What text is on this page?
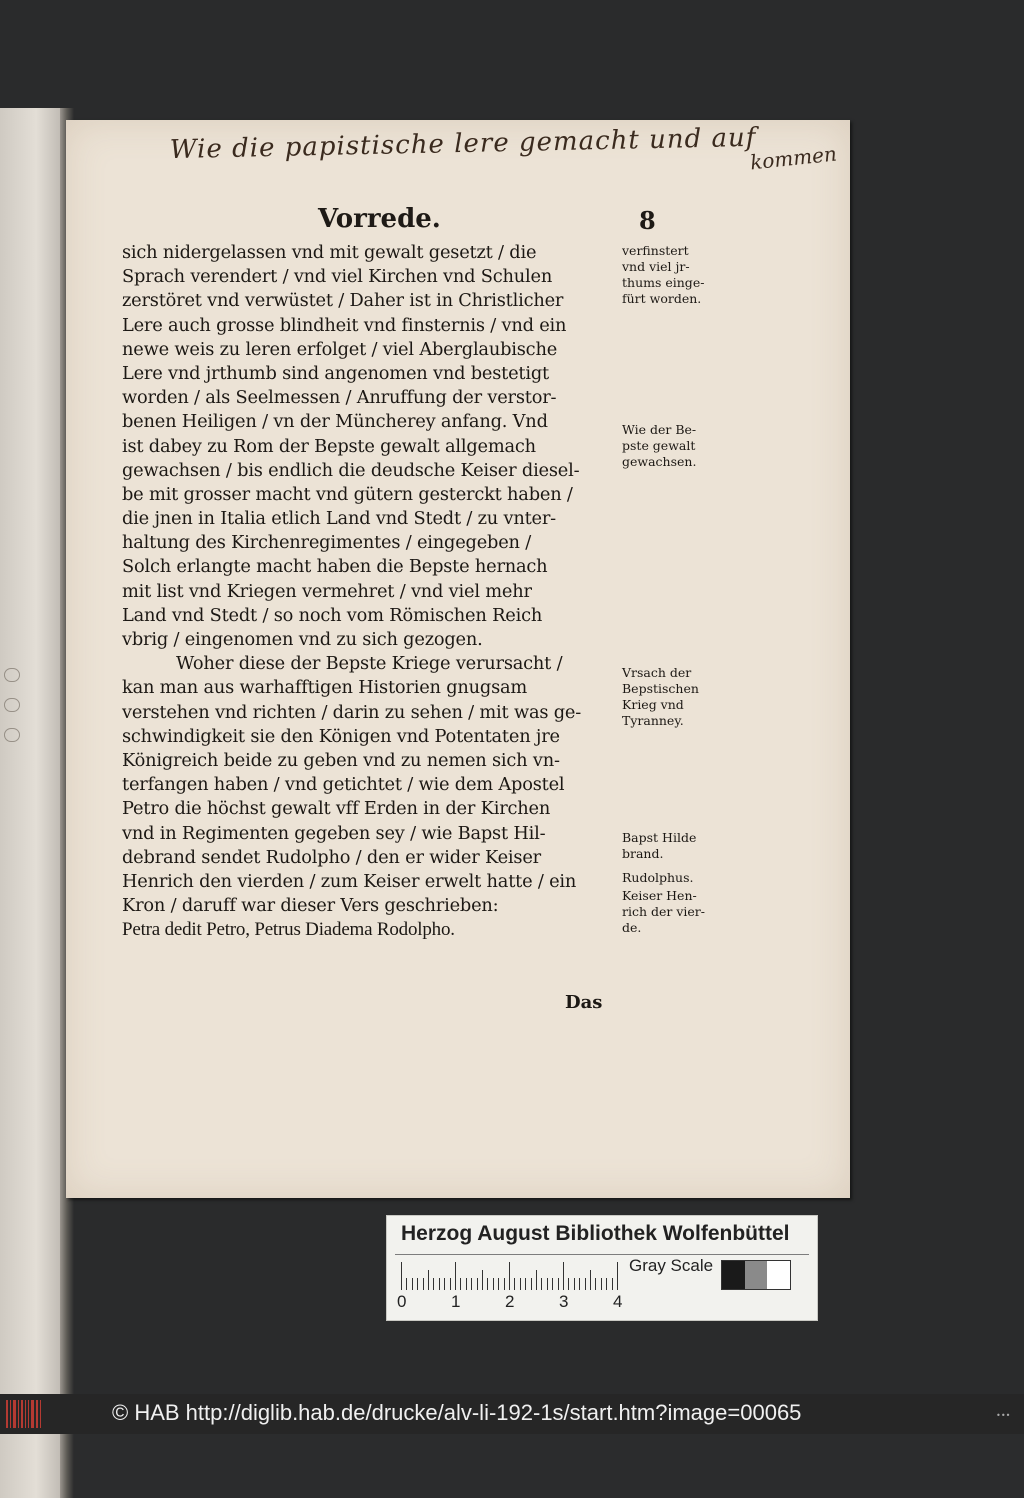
Wie die papistische lere gemacht und auf
kommen
Vorrede.	8
sich nidergelassen vnd mit gewalt gesetzt / die
Sprach verendert / vnd viel Kirchen vnd Schulen
zerstöret vnd verwüstet / Daher ist in Christlicher
Lere auch grosse blindheit vnd finsternis / vnd ein
newe weis zu leren erfolget / viel Aberglaubische
Lere vnd jrthumb sind angenomen vnd bestetigt
worden / als Seelmessen / Anruffung der verstor-
benen Heiligen / vn der Müncherey anfang. Vnd
ist dabey zu Rom der Bepste gewalt allgemach
gewachsen / bis endlich die deudsche Keiser diesel-
be mit grosser macht vnd gütern gesterckt haben /
die jnen in Italia etlich Land vnd Stedt / zu vnter-
haltung des Kirchenregimentes / eingegeben /
Solch erlangte macht haben die Bepste hernach
mit list vnd Kriegen vermehret / vnd viel mehr
Land vnd Stedt / so noch vom Römischen Reich
vbrig / eingenomen vnd zu sich gezogen.
Woher diese der Bepste Kriege verursacht /
kan man aus warhafftigen Historien gnugsam
verstehen vnd richten / darin zu sehen / mit was ge-
schwindigkeit sie den Königen vnd Potentaten jre
Königreich beide zu geben vnd zu nemen sich vn-
terfangen haben / vnd getichtet / wie dem Apostel
Petro die höchst gewalt vff Erden in der Kirchen
vnd in Regimenten gegeben sey / wie Bapst Hil-
debrand sendet Rudolpho / den er wider Keiser
Henrich den vierden / zum Keiser erwelt hatte / ein
Kron / daruff war dieser Vers geschrieben:
Petra dedit Petro, Petrus Diadema Rodolpho.
verfinstert
vnd viel jr-
thums einge-
fürt worden.
Wie der Be-
pste gewalt
gewachsen.
Vrsach der
Bepstischen
Krieg vnd
Tyranney.
Bapst Hilde
brand.
Rudolphus.
Keiser Hen-
rich der vier-
de.
Das
Herzog August Bibliothek Wolfenbüttel
0	1	2	3	4
Gray Scale
© HAB http://diglib.hab.de/drucke/alv-li-192-1s/start.htm?image=00065	•••
